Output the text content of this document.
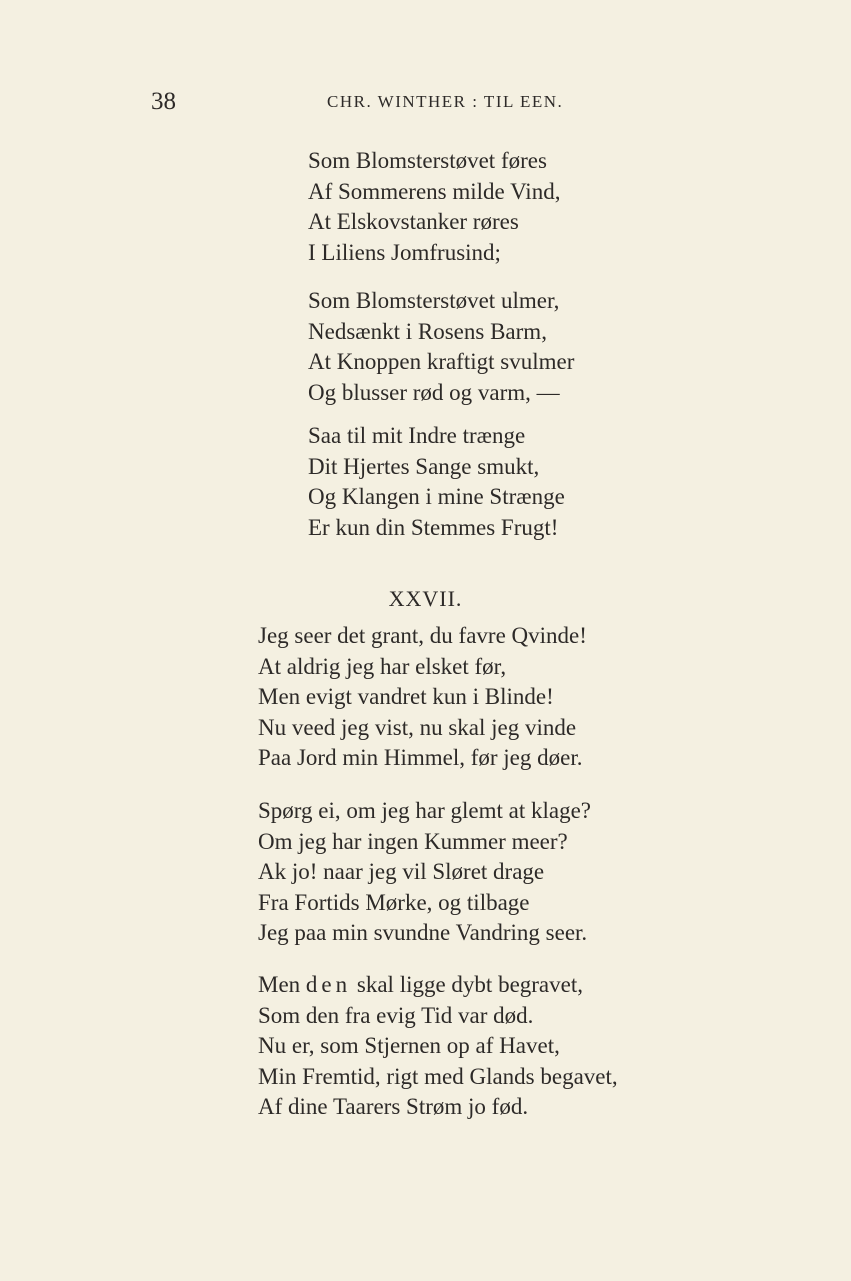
38	CHR. WINTHER : TIL EEN.
Som Blomsterstøvet føres
Af Sommerens milde Vind,
At Elskovstanker røres
I Liliens Jomfrusind;
Som Blomsterstøvet ulmer,
Nedsænkt i Rosens Barm,
At Knoppen kraftigt svulmer
Og blusser rød og varm, —
Saa til mit Indre trænge
Dit Hjertes Sange smukt,
Og Klangen i mine Strænge
Er kun din Stemmes Frugt!
XXVII.
Jeg seer det grant, du favre Qvinde!
At aldrig jeg har elsket før,
Men evigt vandret kun i Blinde!
Nu veed jeg vist, nu skal jeg vinde
Paa Jord min Himmel, før jeg døer.
Spørg ei, om jeg har glemt at klage?
Om jeg har ingen Kummer meer?
Ak jo! naar jeg vil Sløret drage
Fra Fortids Mørke, og tilbage
Jeg paa min svundne Vandring seer.
Men den skal ligge dybt begravet,
Som den fra evig Tid var død.
Nu er, som Stjernen op af Havet,
Min Fremtid, rigt med Glands begavet,
Af dine Taarers Strøm jo fød.
